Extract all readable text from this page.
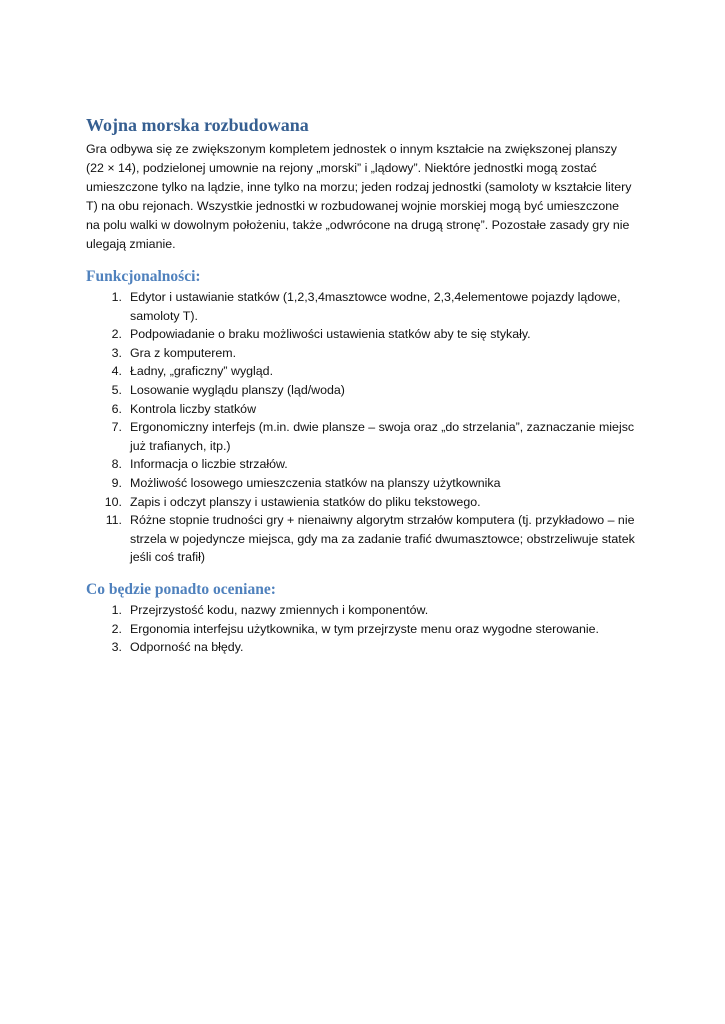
Wojna morska rozbudowana

Gra odbywa się ze zwiększonym kompletem jednostek o innym kształcie na zwiększonej planszy (22 × 14), podzielonej umownie na rejony „morski” i „lądowy”. Niektóre jednostki mogą zostać umieszczone tylko na lądzie, inne tylko na morzu; jeden rodzaj jednostki (samoloty w kształcie litery T) na obu rejonach. Wszystkie jednostki w rozbudowanej wojnie morskiej mogą być umieszczone na polu walki w dowolnym położeniu, także „odwrócone na drugą stronę”. Pozostałe zasady gry nie ulegają zmianie.

Funkcjonalności:
1. Edytor i ustawianie statków (1,2,3,4masztowce wodne, 2,3,4elementowe pojazdy lądowe, samoloty T).
2. Podpowiadanie o braku możliwości ustawienia statków aby te się stykały.
3. Gra z komputerem.
4. Ładny, „graficzny” wygląd.
5. Losowanie wyglądu planszy (ląd/woda)
6. Kontrola liczby statków
7. Ergonomiczny interfejs (m.in. dwie plansze – swoja oraz „do strzelania”, zaznaczanie miejsc już trafianych, itp.)
8. Informacja o liczbie strzałów.
9. Możliwość losowego umieszczenia statków na planszy użytkownika
10. Zapis i odczyt planszy i ustawienia statków do pliku tekstowego.
11. Różne stopnie trudności gry + nienaiwny algorytm strzałów komputera (tj. przykładowo – nie strzela w pojedyncze miejsca, gdy ma za zadanie trafić dwumasztowce; obstrzeliwuje statek jeśli coś trafił)
Co będzie ponadto oceniane:
1. Przejrzystość kodu, nazwy zmiennych i komponentów.
2. Ergonomia interfejsu użytkownika, w tym przejrzyste menu oraz wygodne sterowanie.
3. Odporność na błędy.
